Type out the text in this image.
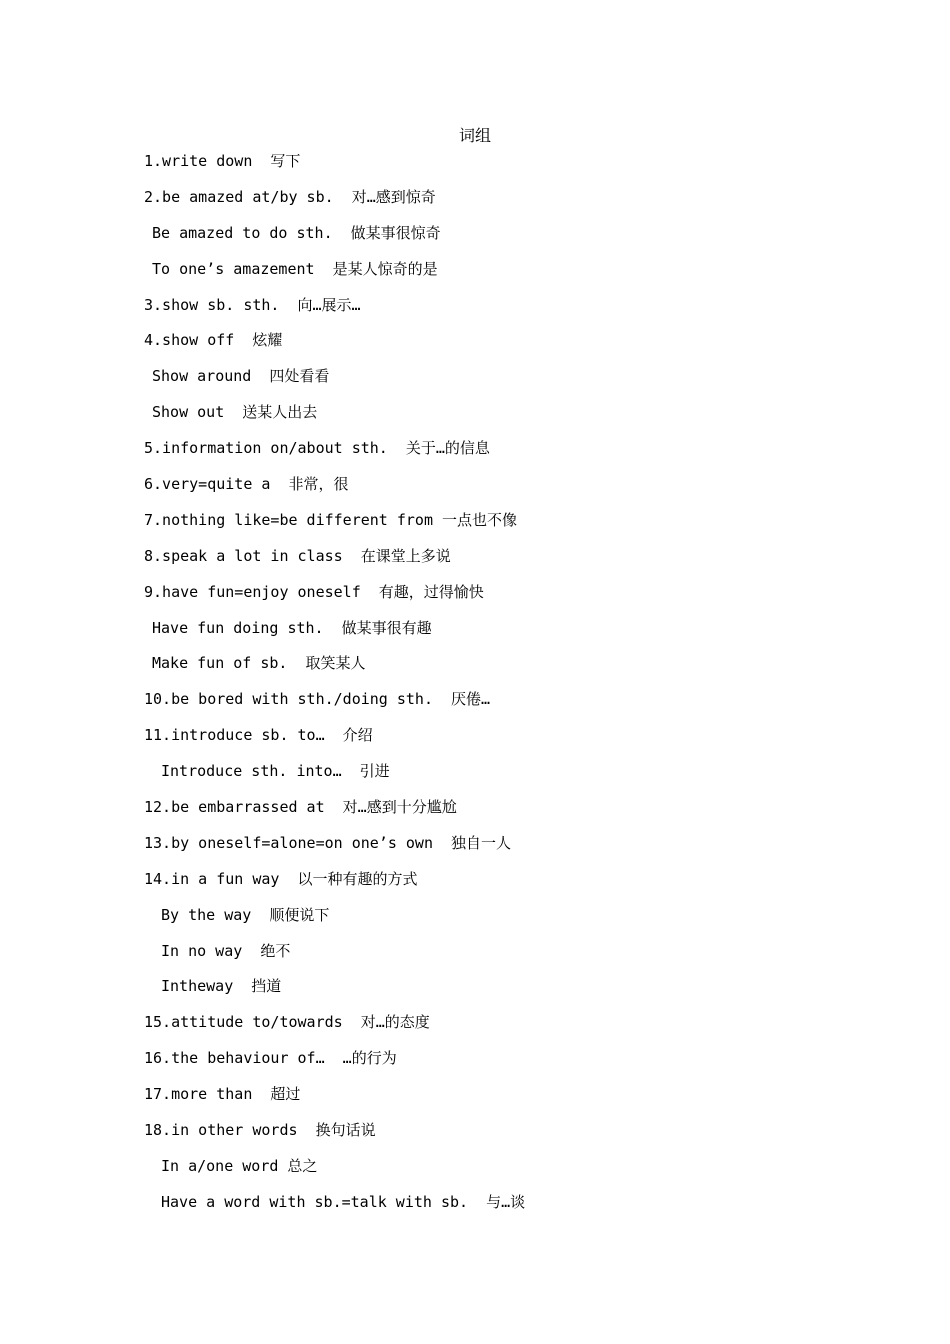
词组
1.write down  写下
2.be amazed at/by sb.  对…感到惊奇
Be amazed to do sth.  做某事很惊奇
To one’s amazement  是某人惊奇的是
3.show sb. sth.  向…展示…
4.show off  炫耀
Show around  四处看看
Show out  送某人出去
5.information on/about sth.  关于…的信息
6.very=quite a  非常，很
7.nothing like=be different from 一点也不像
8.speak a lot in class  在课堂上多说
9.have fun=enjoy oneself  有趣，过得愉快
Have fun doing sth.  做某事很有趣
Make fun of sb.  取笑某人
10.be bored with sth./doing sth.  厌倦…
11.introduce sb. to…  介绍
Introduce sth. into…  引进
12.be embarrassed at  对…感到十分尴尬
13.by oneself=alone=on one’s own  独自一人
14.in a fun way  以一种有趣的方式
By the way  顺便说下
In no way  绝不
Intheway  挡道
15.attitude to/towards  对…的态度
16.the behaviour of…  …的行为
17.more than  超过
18.in other words  换句话说
In a/one word 总之
Have a word with sb.=talk with sb.  与…谈
